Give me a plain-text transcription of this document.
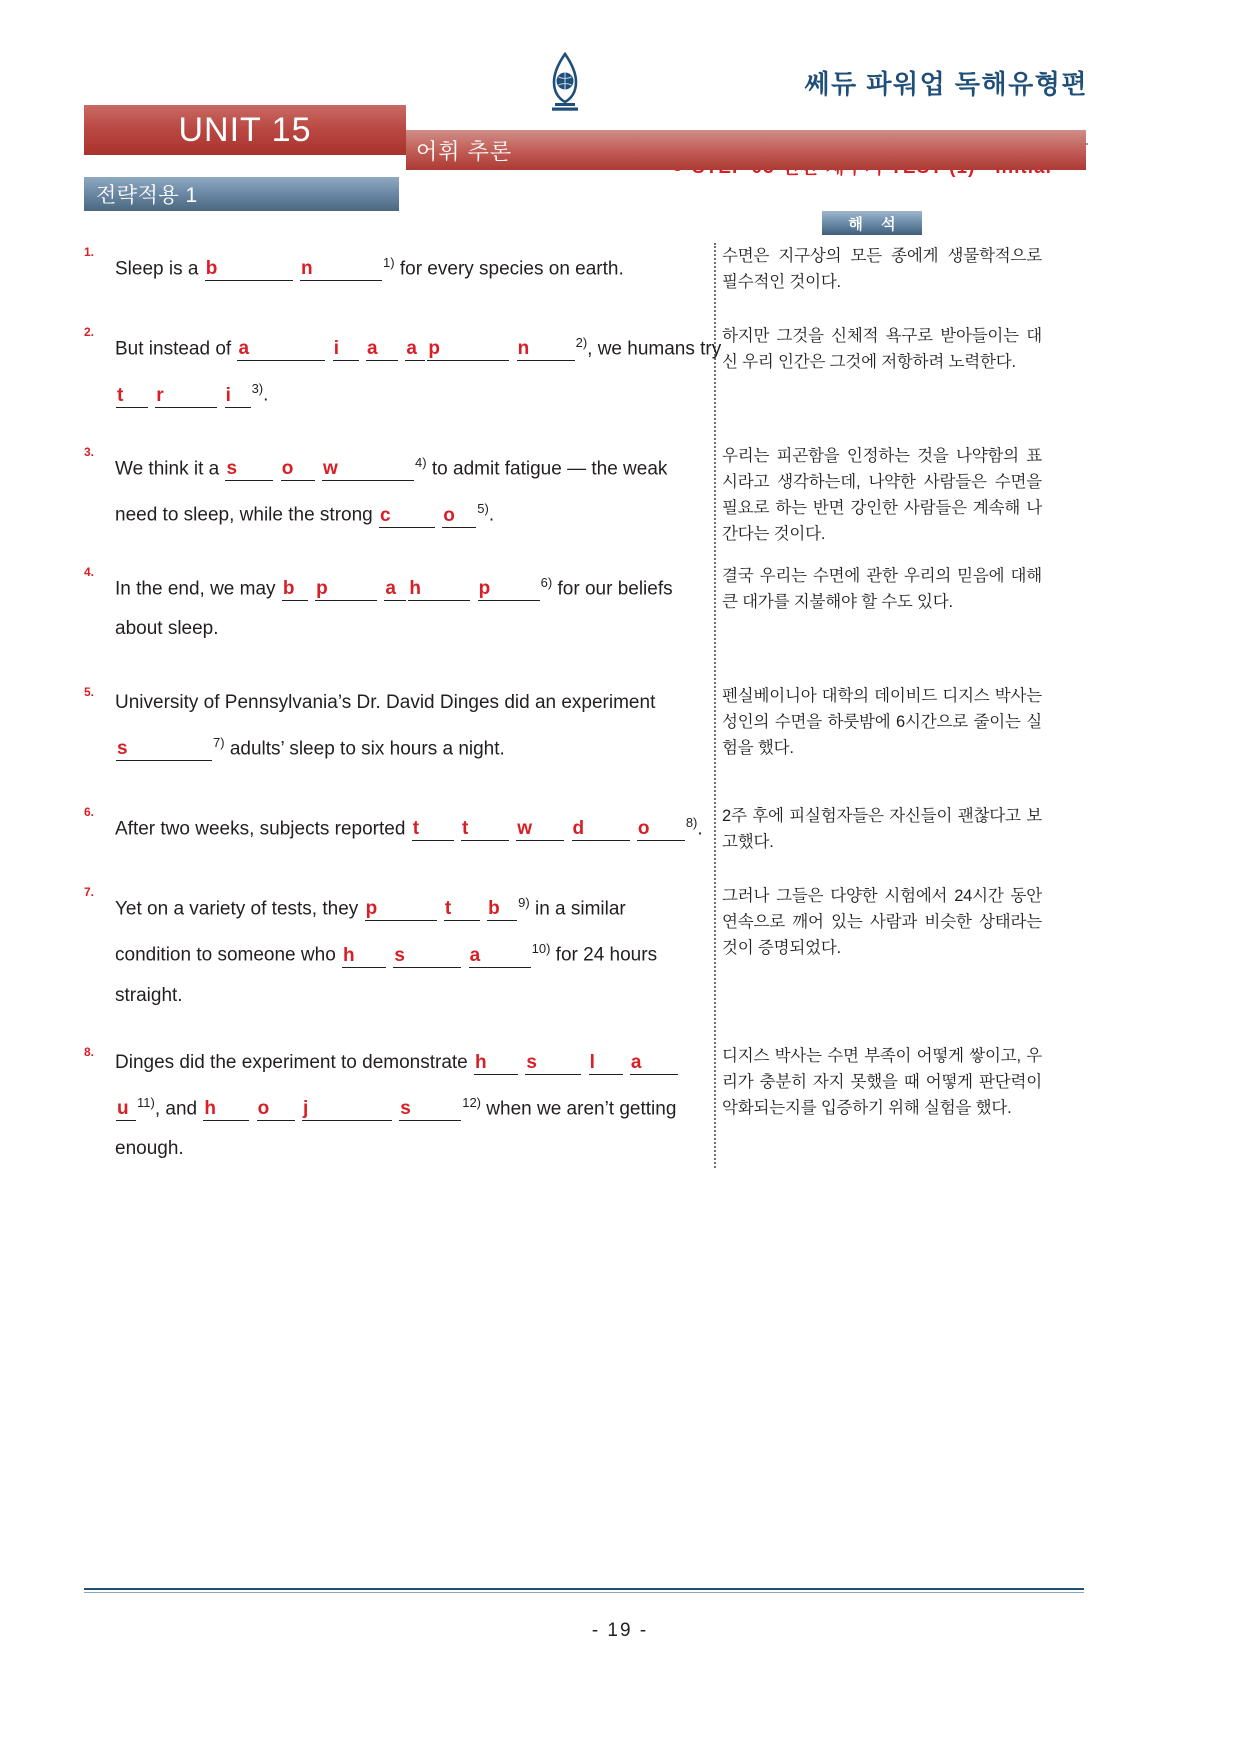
쎄듀 파워업 독해유형편
어휘 추론
UNIT 15
전략적용 1
해 석
1.
Sleep is a b	n	$^{1)}$ for every species on earth.
수면은 지구상의 모든 종에게 생물학적으로 필수적인 것이다.
2.
But instead of a	i a a p	n	$^{2)}$, we humans try
t r	i $^{3)}$.
하지만 그것을 신체적 욕구로 받아들이는 대신 우리 인간은 그것에 저항하려 노력한다.
3.
We think it a s o w	$^{4)}$ to admit fatigue — the weak
need to sleep, while the strong c	o $^{5)}$.
우리는 피곤함을 인정하는 것을 나약함의 표시라고 생각하는데, 나약한 사람들은 수면을 필요로 하는 반면 강인한 사람들은 계속해 나간다는 것이다.
4.
In the end, we may b p	a h	p	$^{6)}$ for our beliefs
about sleep.
결국 우리는 수면에 관한 우리의 믿음에 대해 큰 대가를 지불해야 할 수도 있다.
5.	University of Pennsylvania’s Dr. David Dinges did an experiment
s	$^{7)}$ adults’ sleep to six hours a night.
펜실베이니아 대학의 데이비드 디지스 박사는 성인의 수면을 하룻밤에 6시간으로 줄이는 실험을 했다.
6.
After two weeks, subjects reported t t	w d	o	$^{8)}$.
2주 후에 피실험자들은 자신들이 괜찮다고 보고했다.
7.
Yet on a variety of tests, they p	t b $^{9)}$ in a similar
condition to someone who h s	a	$^{10)}$ for 24 hours
straight.
그러나 그들은 다양한 시험에서 24시간 동안 연속으로 깨어 있는 사람과 비슷한 상태라는 것이 증명되었다.
8.	Dinges did the experiment to demonstrate h s	l a
u $^{11)}$, and h o j	s	$^{12)}$ when we aren’t getting
enough.
디지스 박사는 수면 부족이 어떻게 쌓이고, 우리가 충분히 자지 못했을 때 어떻게 판단력이 악화되는지를 입증하기 위해 실험을 했다.
- 19 -
